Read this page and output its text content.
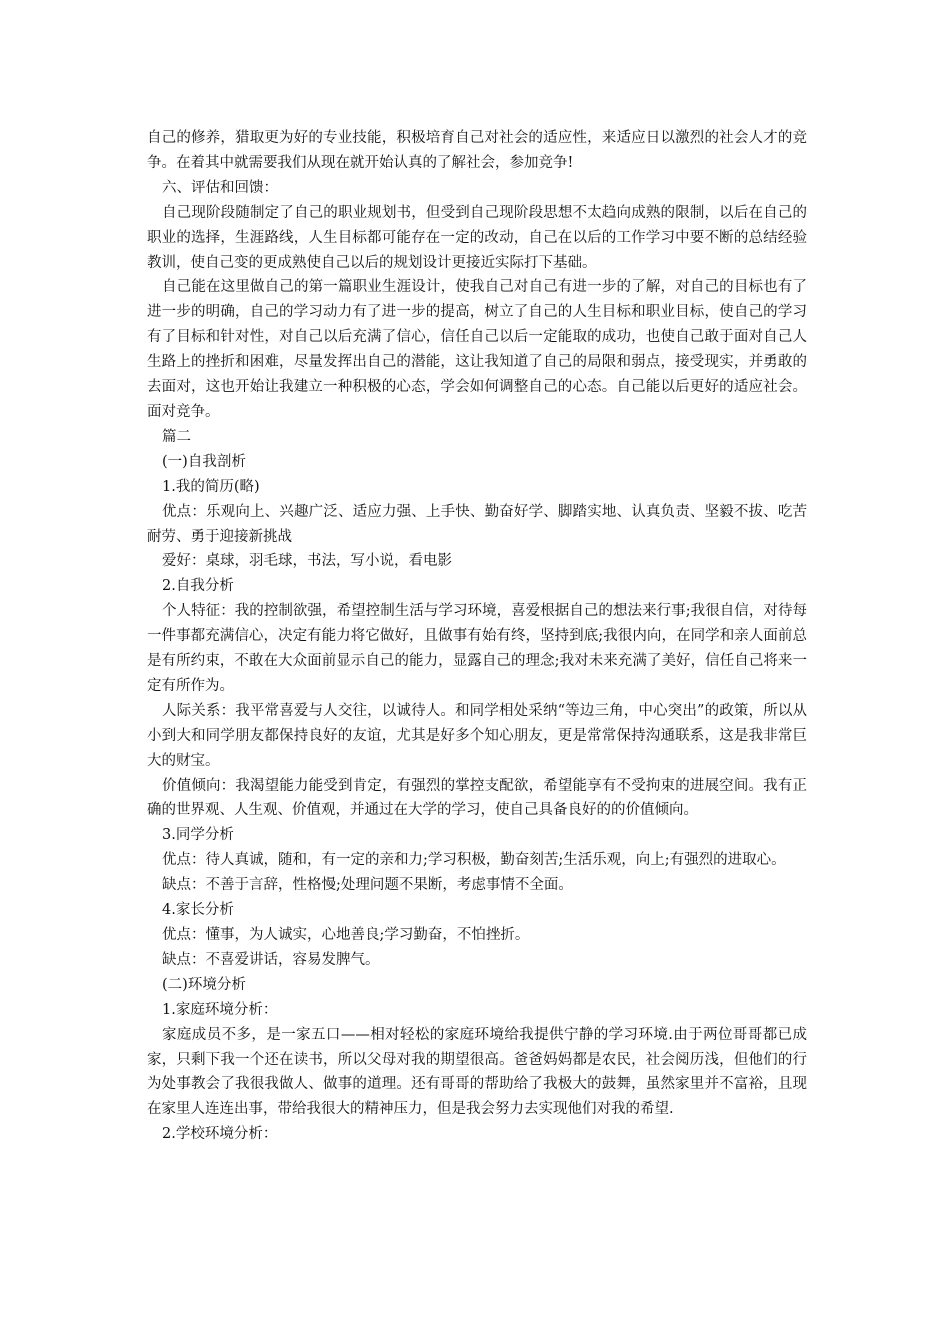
自己的修养，猎取更为好的专业技能，积极培育自己对社会的适应性，来适应日以激烈的社会人才的竞争。在着其中就需要我们从现在就开始认真的了解社会，参加竞争!

六、评估和回馈：

自己现阶段随制定了自己的职业规划书，但受到自己现阶段思想不太趋向成熟的限制，以后在自己的职业的选择，生涯路线，人生目标都可能存在一定的改动，自己在以后的工作学习中要不断的总结经验教训，使自己变的更成熟使自己以后的规划设计更接近实际打下基础。

自己能在这里做自己的第一篇职业生涯设计，使我自己对自己有进一步的了解，对自己的目标也有了进一步的明确，自己的学习动力有了进一步的提高，树立了自己的人生目标和职业目标，使自己的学习有了目标和针对性，对自己以后充满了信心，信任自己以后一定能取的成功，也使自己敢于面对自己人生路上的挫折和困难，尽量发挥出自己的潜能，这让我知道了自己的局限和弱点，接受现实，并勇敢的去面对，这也开始让我建立一种积极的心态，学会如何调整自己的心态。自己能以后更好的适应社会。面对竞争。

篇二

(一)自我剖析

1.我的简历(略)

优点：乐观向上、兴趣广泛、适应力强、上手快、勤奋好学、脚踏实地、认真负责、坚毅不拔、吃苦耐劳、勇于迎接新挑战

爱好：桌球，羽毛球，书法，写小说，看电影

2.自我分析

个人特征：我的控制欲强，希望控制生活与学习环境，喜爱根据自己的想法来行事;我很自信，对待每一件事都充满信心，决定有能力将它做好，且做事有始有终，坚持到底;我很内向，在同学和亲人面前总是有所约束，不敢在大众面前显示自己的能力，显露自己的理念;我对未来充满了美好，信任自己将来一定有所作为。

人际关系：我平常喜爱与人交往，以诚待人。和同学相处采纳“等边三角，中心突出”的政策，所以从小到大和同学朋友都保持良好的友谊，尤其是好多个知心朋友，更是常常保持沟通联系，这是我非常巨大的财宝。

价值倾向：我渴望能力能受到肯定，有强烈的掌控支配欲，希望能享有不受拘束的进展空间。我有正确的世界观、人生观、价值观，并通过在大学的学习，使自己具备良好的的价值倾向。

3.同学分析

优点：待人真诚，随和，有一定的亲和力;学习积极，勤奋刻苦;生活乐观，向上;有强烈的进取心。

缺点：不善于言辞，性格慢;处理问题不果断，考虑事情不全面。

4.家长分析

优点：懂事，为人诚实，心地善良;学习勤奋，不怕挫折。

缺点：不喜爱讲话，容易发脾气。

(二)环境分析

1.家庭环境分析：

家庭成员不多，是一家五口——相对轻松的家庭环境给我提供宁静的学习环境.由于两位哥哥都已成家，只剩下我一个还在读书，所以父母对我的期望很高。爸爸妈妈都是农民，社会阅历浅，但他们的行为处事教会了我很我做人、做事的道理。还有哥哥的帮助给了我极大的鼓舞，虽然家里并不富裕，且现在家里人连连出事，带给我很大的精神压力，但是我会努力去实现他们对我的希望.

2.学校环境分析：
